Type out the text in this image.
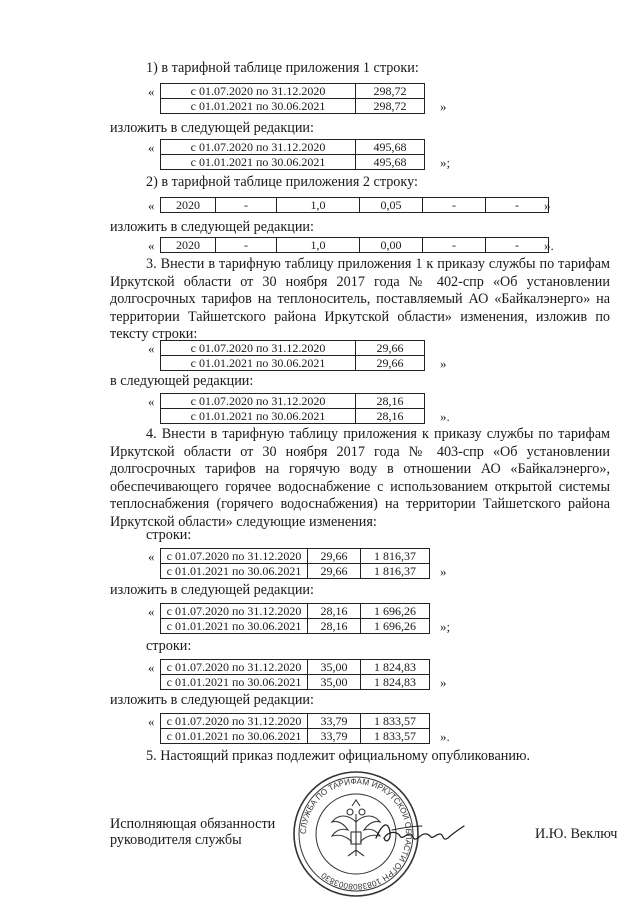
1) в тарифной таблице приложения 1 строки:
«	с 01.07.2020 по 31.12.2020	298,72
с 01.01.2021 по 30.06.2021	298,72	»
изложить в следующей редакции:
«	с 01.07.2020 по 31.12.2020	495,68
с 01.01.2021 по 30.06.2021	495,68	»;
2) в тарифной таблице приложения 2 строку:
« 2020	-	1,0	0,05	-	- »
изложить в следующей редакции:
« 2020	-	1,0	0,00	-	- ».
3. Внести в тарифную таблицу приложения 1 к приказу службы по тарифам Иркутской области от 30 ноября 2017 года № 402-спр «Об установлении долгосрочных тарифов на теплоноситель, поставляемый АО «Байкалэнерго» на территории Тайшетского района Иркутской области» изменения, изложив по тексту строки:
«	с 01.07.2020 по 31.12.2020	29,66
с 01.01.2021 по 30.06.2021	29,66	»
в следующей редакции:
«	с 01.07.2020 по 31.12.2020	28,16
с 01.01.2021 по 30.06.2021	28,16	».
4. Внести в тарифную таблицу приложения к приказу службы по тарифам Иркутской области от 30 ноября 2017 года № 403-спр «Об установлении долгосрочных тарифов на горячую воду в отношении АО «Байкалэнерго», обеспечивающего горячее водоснабжение с использованием открытой системы теплоснабжения (горячего водоснабжения) на территории Тайшетского района Иркутской области» следующие изменения:
строки:
« с 01.07.2020 по 31.12.2020	29,66	1 816,37
с 01.01.2021 по 30.06.2021	29,66	1 816,37 »
изложить в следующей редакции:
« с 01.07.2020 по 31.12.2020	28,16	1 696,26
с 01.01.2021 по 30.06.2021	28,16	1 696,26 »;
строки:
« с 01.07.2020 по 31.12.2020	35,00	1 824,83
с 01.01.2021 по 30.06.2021	35,00	1 824,83 »
изложить в следующей редакции:
« с 01.07.2020 по 31.12.2020	33,79	1 833,57
с 01.01.2021 по 30.06.2021	33,79	1 833,57 ».
5. Настоящий приказ подлежит официальному опубликованию.
Исполняющая обязанности
руководителя службы	И.Ю. Веключ
СЛУЖБА ПО ТАРИФАМ ИРКУТСКОЙ ОБЛАСТИ ОГРН 1083808003830
